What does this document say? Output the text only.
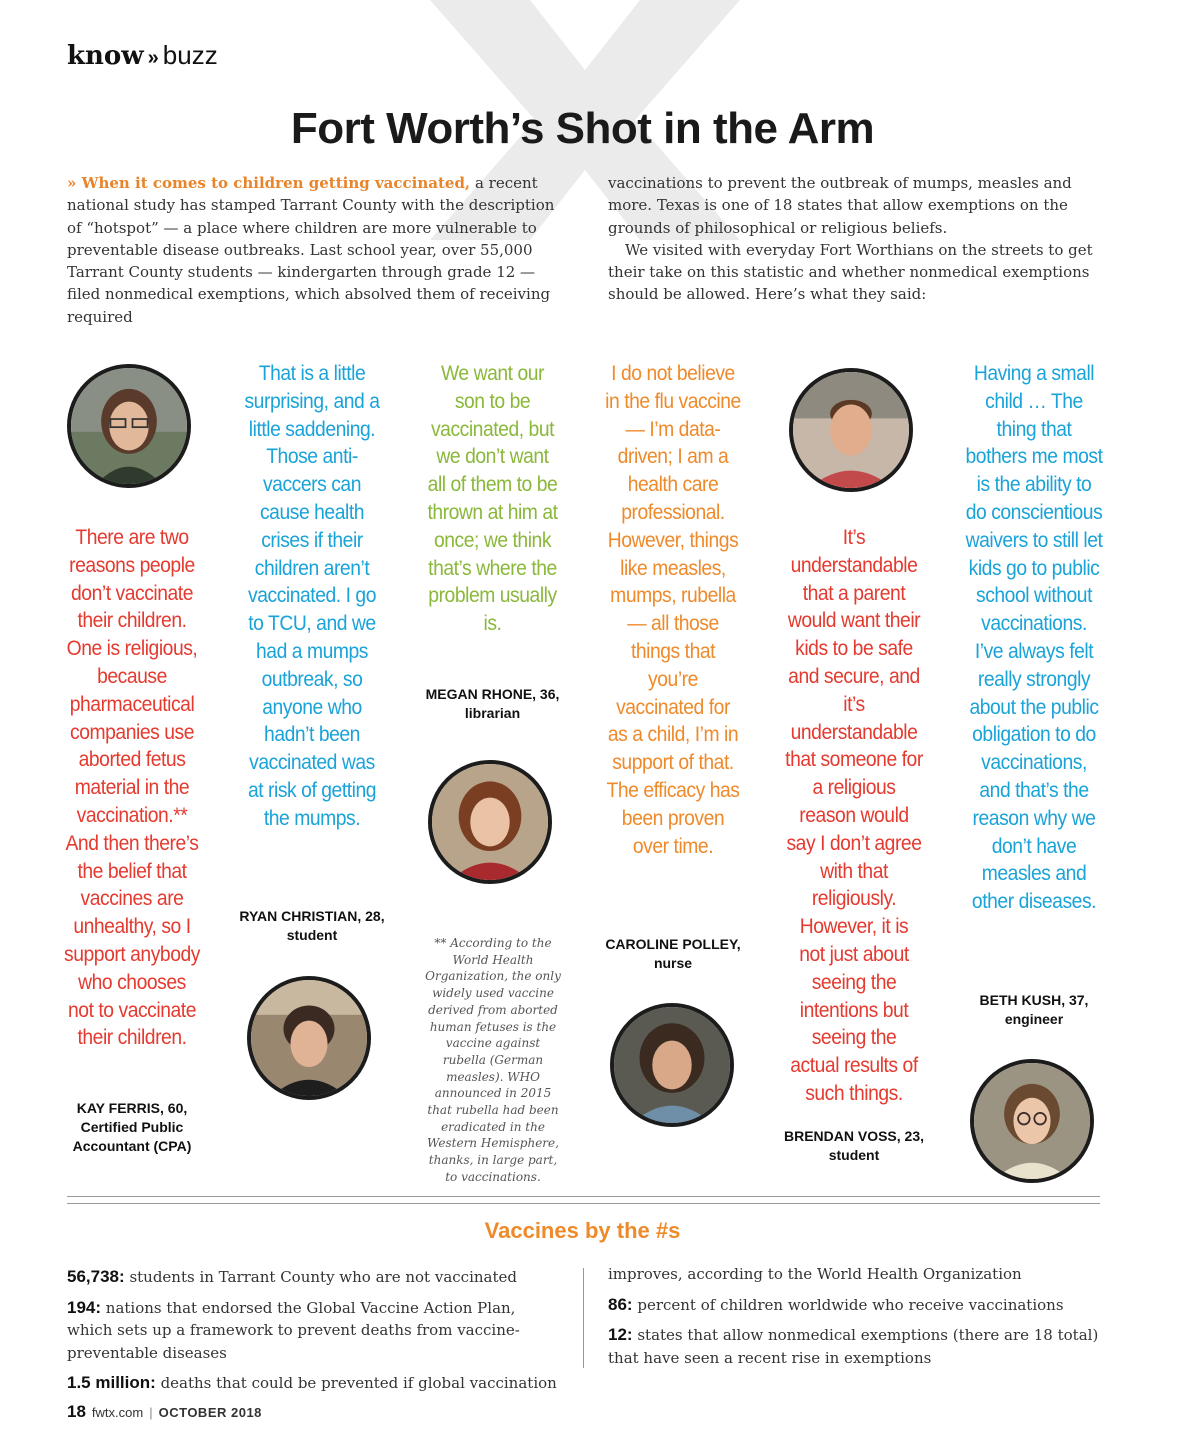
know » buzz
Fort Worth’s Shot in the Arm

» When it comes to children getting vaccinated, a recent national study has stamped Tarrant County with the description of “hotspot” — a place where children are more vulnerable to preventable disease outbreaks. Last school year, over 55,000 Tarrant County students — kindergarten through grade 12 — filed nonmedical exemptions, which absolved them of receiving required

vaccinations to prevent the outbreak of mumps, measles and more. Texas is one of 18 states that allow exemptions on the grounds of philosophical or religious beliefs.

We visited with everyday Fort Worthians on the streets to get their take on this statistic and whether nonmedical exemptions should be allowed. Here’s what they said:

There are two reasons people don’t vaccinate their children. One is religious, because pharmaceutical companies use aborted fetus material in the vaccination.** And then there’s the belief that vaccines are unhealthy, so I support anybody who chooses not to vaccinate their children.
KAY FERRIS, 60, Certified Public Accountant (CPA)
That is a little surprising, and a little saddening. Those anti-vaccers can cause health crises if their children aren’t vaccinated. I go to TCU, and we had a mumps outbreak, so anyone who hadn’t been vaccinated was at risk of getting the mumps.
RYAN CHRISTIAN, 28, student
We want our son to be vaccinated, but we don’t want all of them to be thrown at him at once; we think that’s where the problem usually is.
MEGAN RHONE, 36, librarian
** According to the World Health Organization, the only widely used vaccine derived from aborted human fetuses is the vaccine against rubella (German measles). WHO announced in 2015 that rubella had been eradicated in the Western Hemisphere, thanks, in large part, to vaccinations.
I do not believe in the flu vaccine — I’m data-driven; I am a health care professional. However, things like measles, mumps, rubella — all those things that you’re vaccinated for as a child, I’m in support of that. The efficacy has been proven over time.
CAROLINE POLLEY, nurse
It’s understandable that a parent would want their kids to be safe and secure, and it’s understandable that someone for a religious reason would say I don’t agree with that religiously. However, it is not just about seeing the intentions but seeing the actual results of such things.
BRENDAN VOSS, 23, student
Having a small child … The thing that bothers me most is the ability to do conscientious waivers to still let kids go to public school without vaccinations. I’ve always felt really strongly about the public obligation to do vaccinations, and that’s the reason why we don’t have measles and other diseases.
BETH KUSH, 37, engineer
Vaccines by the #s

56,738: students in Tarrant County who are not vaccinated

194: nations that endorsed the Global Vaccine Action Plan, which sets up a framework to prevent deaths from vaccine-preventable diseases

1.5 million: deaths that could be prevented if global vaccination

improves, according to the World Health Organization

86: percent of children worldwide who receive vaccinations

12: states that allow nonmedical exemptions (there are 18 total) that have seen a recent rise in exemptions

18 fwtx.com | OCTOBER 2018
